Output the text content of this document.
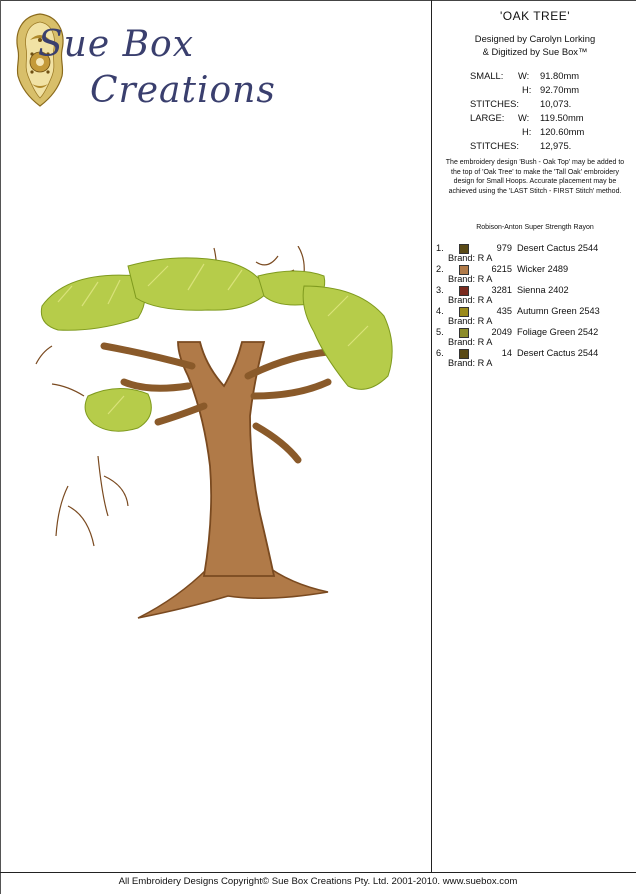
Sue Box
Creations
'OAK TREE'
Designed by Carolyn Lorking
& Digitized by Sue Box™
SMALL: W: 91.80mm
H: 92.70mm
STITCHES: 10,073.
LARGE: W: 119.50mm
H: 120.60mm
STITCHES: 12,975.
The embroidery design 'Bush - Oak Top' may be added to the top of 'Oak Tree' to make the 'Tall Oak' embroidery design for Small Hoops. Accurate placement may be achieved using the 'LAST Stitch - FIRST Stitch' method.
Robison-Anton Super Strength Rayon
1.	979 Desert Cactus 2544
Brand: R A
2.	6215 Wicker 2489
Brand: R A
3.	3281 Sienna 2402
Brand: R A
4.	435 Autumn Green 2543
Brand: R A
5.	2049 Foliage Green 2542
Brand: R A
6.	14 Desert Cactus 2544
Brand: R A
All Embroidery Designs Copyright© Sue Box Creations Pty. Ltd. 2001-2010. www.suebox.com
